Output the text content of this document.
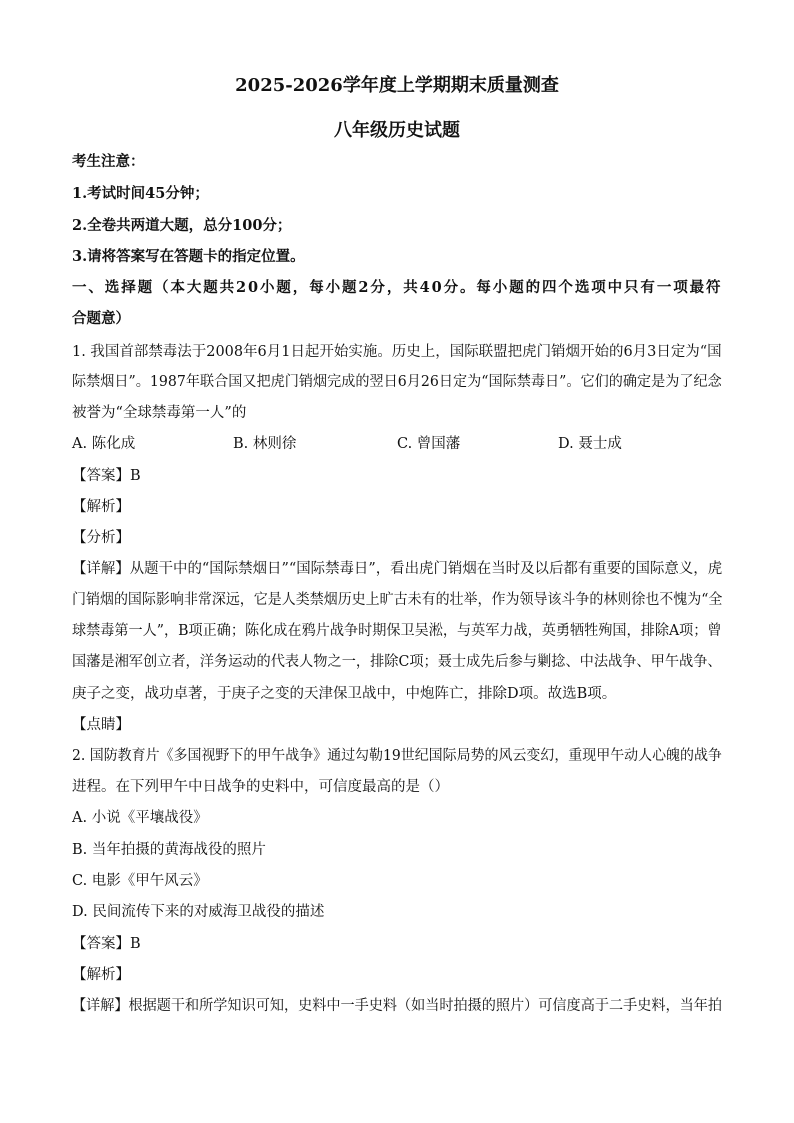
2025-2026学年度上学期期末质量测查
八年级历史试题
考生注意：
1.考试时间45分钟；
2.全卷共两道大题，总分100分；
3.请将答案写在答题卡的指定位置。
一、选择题（本大题共20小题，每小题2分，共40分。每小题的四个选项中只有一项最符
合题意）
1. 我国首部禁毒法于2008年6月1日起开始实施。历史上，国际联盟把虎门销烟开始的6月3日定为“国
际禁烟日”。1987年联合国又把虎门销烟完成的翌日6月26日定为“国际禁毒日”。它们的确定是为了纪念
被誉为“全球禁毒第一人”的
A. 陈化成	B. 林则徐	C. 曾国藩	D. 聂士成
【答案】B
【解析】
【分析】
【详解】从题干中的“国际禁烟日”“国际禁毒日”，看出虎门销烟在当时及以后都有重要的国际意义，虎
门销烟的国际影响非常深远，它是人类禁烟历史上旷古未有的壮举，作为领导该斗争的林则徐也不愧为“全
球禁毒第一人”，B项正确；陈化成在鸦片战争时期保卫吴淞，与英军力战，英勇牺牲殉国，排除A项；曾
国藩是湘军创立者，洋务运动的代表人物之一，排除C项；聂士成先后参与剿捻、中法战争、甲午战争、
庚子之变，战功卓著，于庚子之变的天津保卫战中，中炮阵亡，排除D项。故选B项。
【点睛】
2. 国防教育片《多国视野下的甲午战争》通过勾勒19世纪国际局势的风云变幻，重现甲午动人心魄的战争
进程。在下列甲午中日战争的史料中，可信度最高的是（）
A. 小说《平壤战役》
B. 当年拍摄的黄海战役的照片
C. 电影《甲午风云》
D. 民间流传下来的对威海卫战役的描述
【答案】B
【解析】
【详解】根据题干和所学知识可知，史料中一手史料（如当时拍摄的照片）可信度高于二手史料，当年拍
